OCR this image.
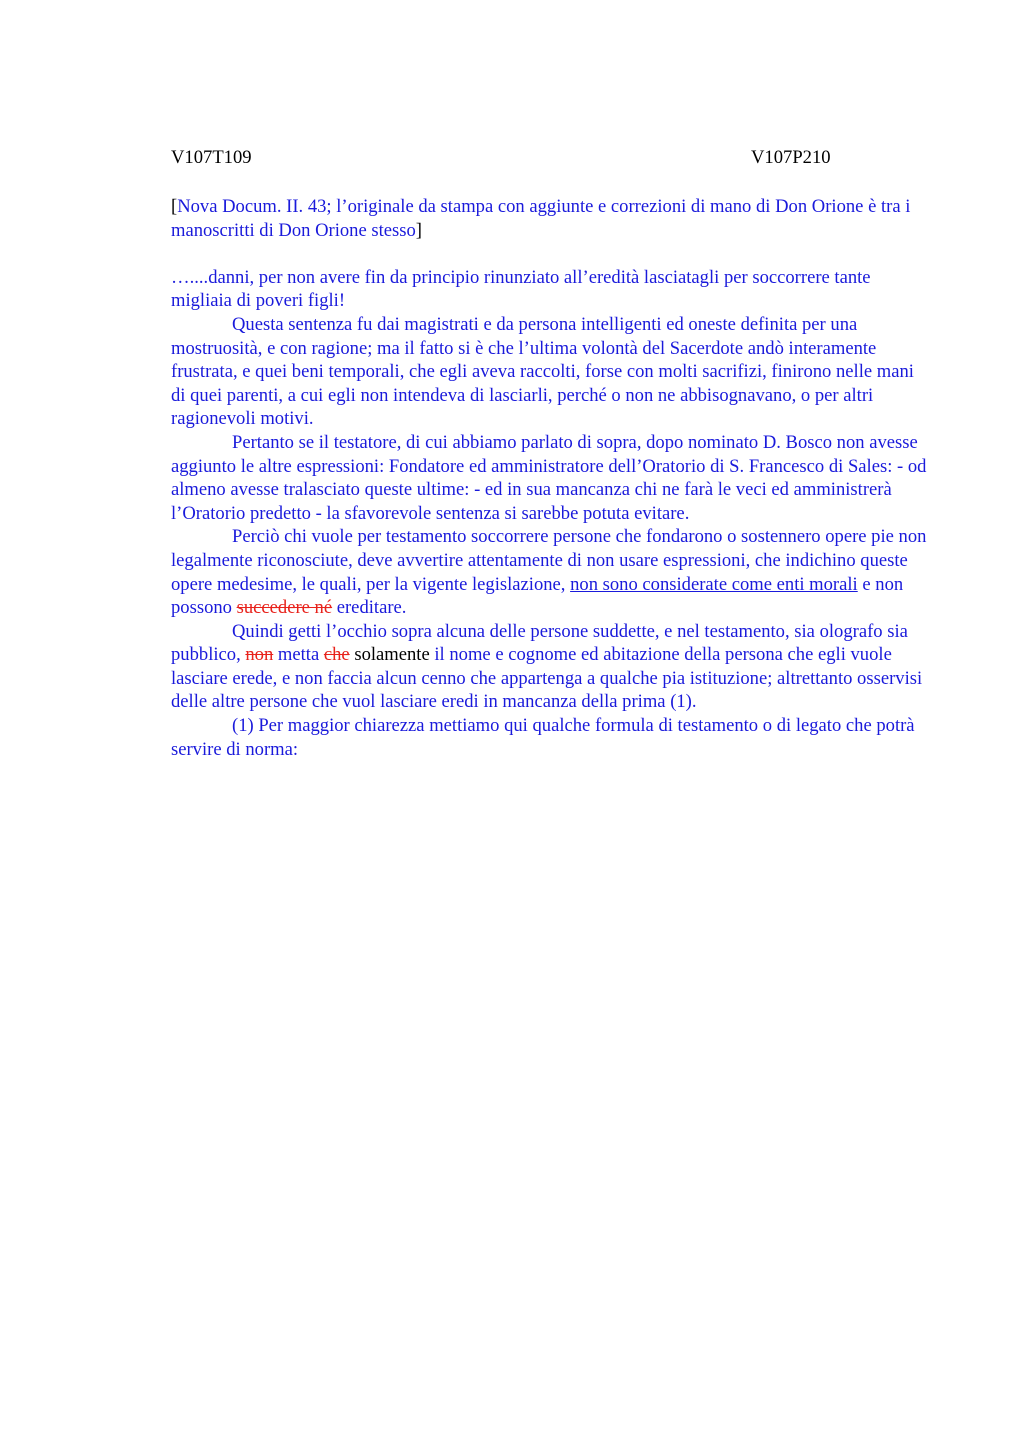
V107T109	V107P210

[Nova Docum. II. 43; l’originale da stampa con aggiunte e correzioni di mano di Don Orione è tra i manoscritti di Don Orione stesso]

…....danni, per non avere fin da principio rinunziato all’eredità lasciatagli per soccorrere tante migliaia di poveri figli!

Questa sentenza fu dai magistrati e da persona intelligenti ed oneste definita per una mostruosità, e con ragione; ma il fatto si è che l’ultima volontà del Sacerdote andò interamente frustrata, e quei beni temporali, che egli aveva raccolti, forse con molti sacrifizi, finirono nelle mani di quei parenti, a cui egli non intendeva di lasciarli, perché o non ne abbisognavano, o per altri ragionevoli motivi.

Pertanto se il testatore, di cui abbiamo parlato di sopra, dopo nominato D. Bosco non avesse aggiunto le altre espressioni: Fondatore ed amministratore dell’Oratorio di S. Francesco di Sales: - od almeno avesse tralasciato queste ultime: - ed in sua mancanza chi ne farà le veci ed amministrerà l’Oratorio predetto - la sfavorevole sentenza si sarebbe potuta evitare.

Perciò chi vuole per testamento soccorrere persone che fondarono o sostennero opere pie non legalmente riconosciute, deve avvertire attentamente di non usare espressioni, che indichino queste opere medesime, le quali, per la vigente legislazione, non sono considerate come enti morali e non possono succedere né ereditare.

Quindi getti l’occhio sopra alcuna delle persone suddette, e nel testamento, sia olografo sia pubblico, non metta che solamente il nome e cognome ed abitazione della persona che egli vuole lasciare erede, e non faccia alcun cenno che appartenga a qualche pia istituzione; altrettanto osservisi delle altre persone che vuol lasciare eredi in mancanza della prima (1).

(1) Per maggior chiarezza mettiamo qui qualche formula di testamento o di legato che potrà servire di norma:
